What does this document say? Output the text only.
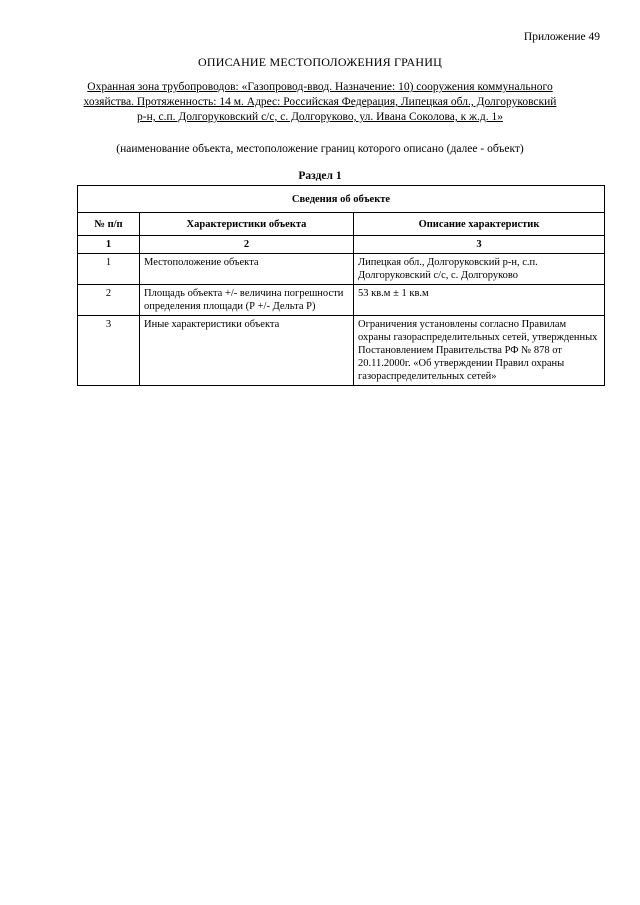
Приложение 49
ОПИСАНИЕ МЕСТОПОЛОЖЕНИЯ ГРАНИЦ
Охранная зона трубопроводов: «Газопровод-ввод. Назначение: 10) сооружения коммунального хозяйства. Протяженность: 14 м. Адрес: Российская Федерация, Липецкая обл., Долгоруковский р-н, с.п. Долгоруковский с/с, с. Долгоруково, ул. Ивана Соколова, к ж.д. 1»
(наименование объекта, местоположение границ которого описано (далее - объект)
Раздел 1
Сведения об объекте		
№ п/п	Характеристики объекта	Описание характеристик
1	2	3
1	Местоположение объекта	Липецкая обл., Долгоруковский р-н, с.п. Долгоруковский с/с, с. Долгоруково
2	Площадь объекта +/- величина погрешности определения площади (Р +/- Дельта Р)	53 кв.м ± 1 кв.м
3	Иные характеристики объекта	Ограничения установлены согласно Правилам охраны газораспределительных сетей, утвержденных Постановлением Правительства РФ № 878 от 20.11.2000г. «Об утверждении Правил охраны газораспределительных сетей»
